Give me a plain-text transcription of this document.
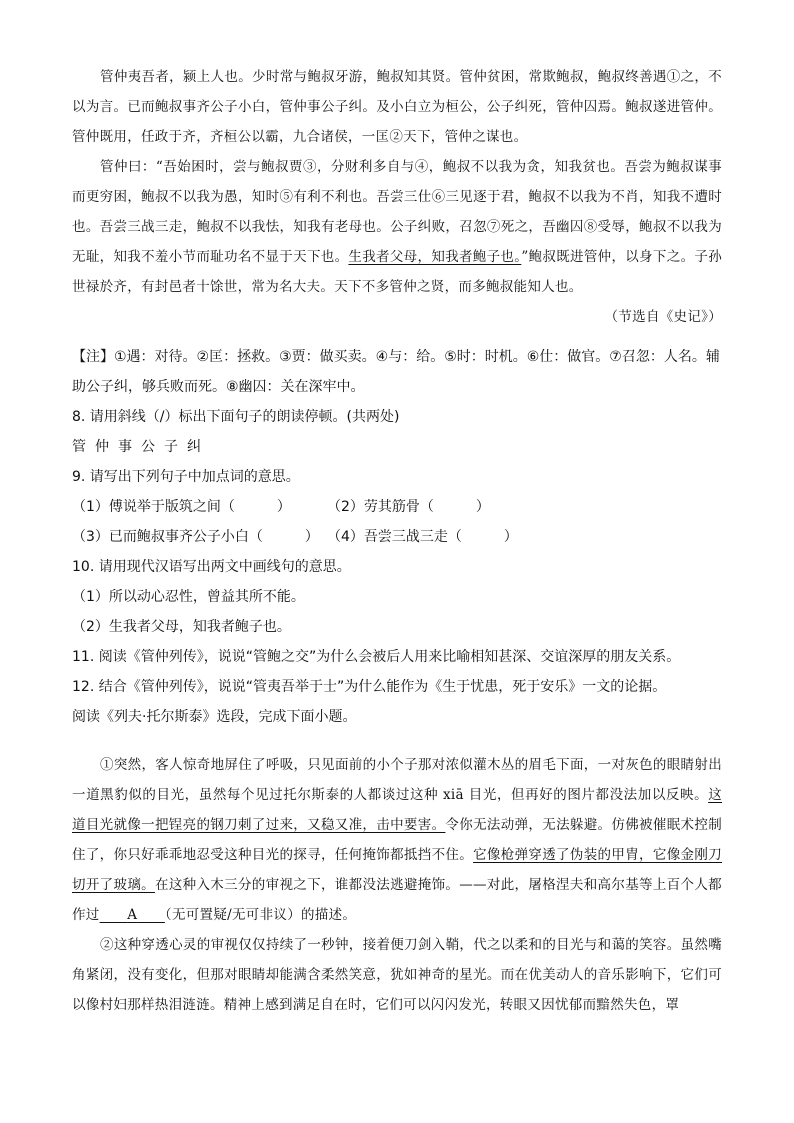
管仲夷吾者，颍上人也。少时常与鲍叔牙游，鲍叔知其贤。管仲贫困，常欺鲍叔，鲍叔终善遇①之，不以为言。已而鲍叔事齐公子小白，管仲事公子纠。及小白立为桓公，公子纠死，管仲囚焉。鲍叔遂进管仲。管仲既用，任政于齐，齐桓公以霸，九合诸侯，一匡②天下，管仲之谋也。

管仲曰：“吾始困时，尝与鲍叔贾③，分财利多自与④，鲍叔不以我为贪，知我贫也。吾尝为鲍叔谋事而更穷困，鲍叔不以我为愚，知时⑤有利不利也。吾尝三仕⑥三见逐于君，鲍叔不以我为不肖，知我不遭时也。吾尝三战三走，鲍叔不以我怯，知我有老母也。公子纠败，召忽⑦死之，吾幽囚⑧受辱，鲍叔不以我为无耻，知我不羞小节而耻功名不显于天下也。生我者父母，知我者鲍子也。”鲍叔既进管仲，以身下之。子孙世禄於齐，有封邑者十馀世，常为名大夫。天下不多管仲之贤，而多鲍叔能知人也。

（节选自《史记》）

【注】①遇：对待。②匡：拯救。③贾：做买卖。④与：给。⑤时：时机。⑥仕：做官。⑦召忽：人名。辅助公子纠，够兵败而死。⑧幽囚：关在深牢中。

8. 请用斜线（/）标出下面句子的朗读停顿。(共两处)

管仲事公子纠

9. 请写出下列句子中加点词的意思。

（1）傅说举于版筑之间（　　　）	（2）劳其筋骨（　　　）
（3）已而鲍叔事齐公子小白（　　　） （4）吾尝三战三走（　　　）

10. 请用现代汉语写出两文中画线句的意思。

（1）所以动心忍性，曾益其所不能。

（2）生我者父母，知我者鲍子也。

11. 阅读《管仲列传》，说说“管鲍之交”为什么会被后人用来比喻相知甚深、交谊深厚的朋友关系。

12. 结合《管仲列传》，说说“管夷吾举于士”为什么能作为《生于忧患，死于安乐》一文的论据。

阅读《列夫·托尔斯泰》选段，完成下面小题。

①突然，客人惊奇地屏住了呼吸，只见面前的小个子那对浓似灌木丛的眉毛下面，一对灰色的眼睛射出一道黑豹似的目光，虽然每个见过托尔斯泰的人都谈过这种 xiā 目光，但再好的图片都没法加以反映。这道目光就像一把锃亮的钢刀刺了过来，又稳又准，击中要害。令你无法动弹，无法躲避。仿佛被催眠术控制住了，你只好乖乖地忍受这种目光的探寻，任何掩饰都抵挡不住。它像枪弹穿透了伪装的甲胄，它像金刚刀切开了玻璃。在这种入木三分的审视之下，谁都没法逃避掩饰。——对此，屠格涅夫和高尔基等上百个人都作过　　 A　　 （无可置疑/无可非议）的描述。

②这种穿透心灵的审视仅仅持续了一秒钟，接着便刀剑入鞘，代之以柔和的目光与和蔼的笑容。虽然嘴角紧闭，没有变化，但那对眼睛却能满含柔然笑意，犹如神奇的星光。而在优美动人的音乐影响下，它们可以像村妇那样热泪涟涟。精神上感到满足自在时，它们可以闪闪发光，转眼又因忧郁而黯然失色，罩
